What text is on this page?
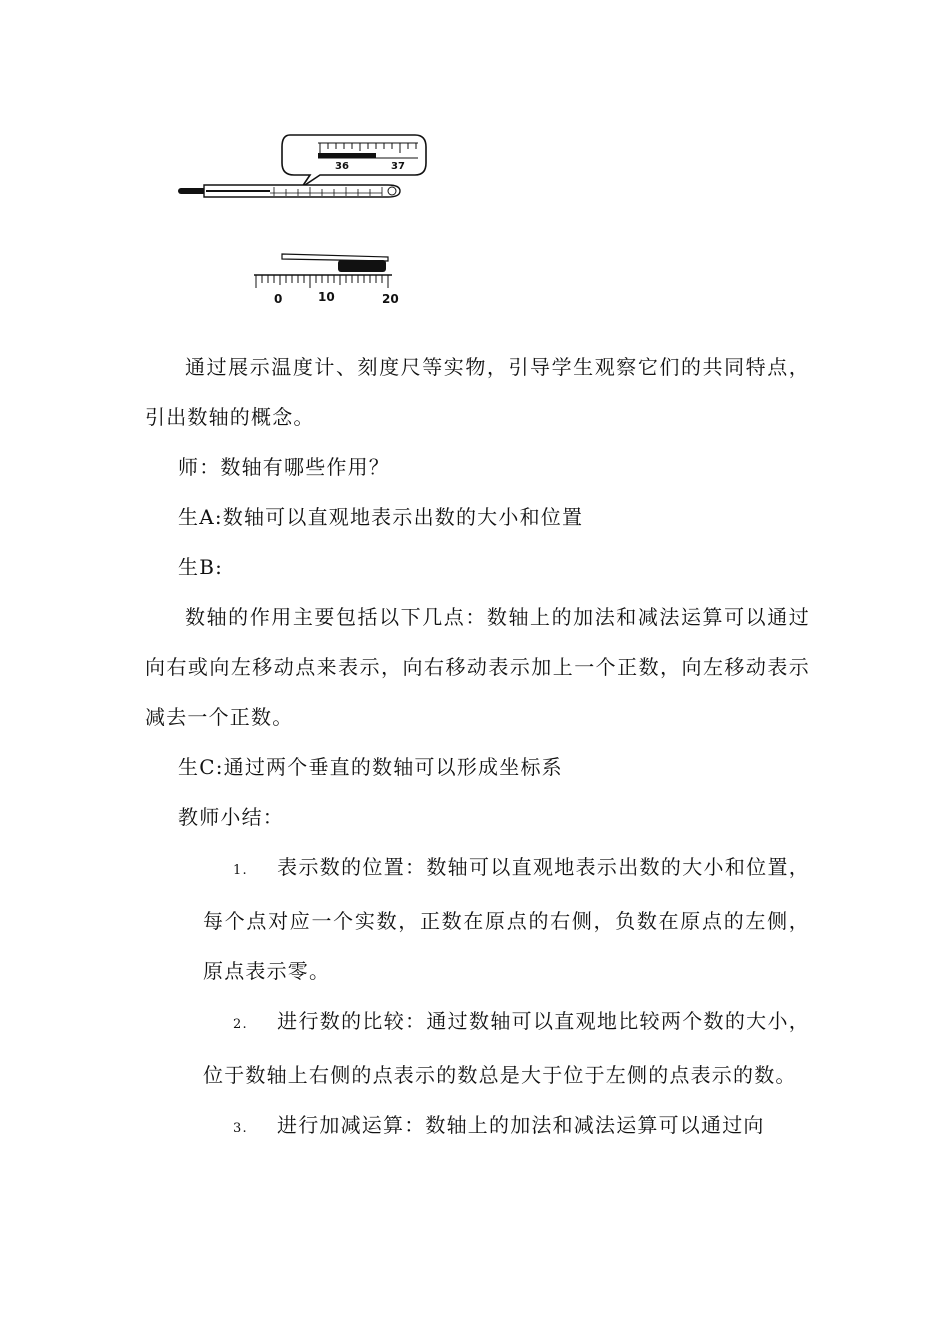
36	37
0	10	20

通过展示温度计、刻度尺等实物，引导学生观察它们的共同特点，引出数轴的概念。

师：数轴有哪些作用？

生A:数轴可以直观地表示出数的大小和位置

生B:

数轴的作用主要包括以下几点：数轴上的加法和减法运算可以通过向右或向左移动点来表示，向右移动表示加上一个正数，向左移动表示减去一个正数。

生C:通过两个垂直的数轴可以形成坐标系

教师小结：

1. 表示数的位置：数轴可以直观地表示出数的大小和位置，每个点对应一个实数，正数在原点的右侧，负数在原点的左侧，原点表示零。

2. 进行数的比较：通过数轴可以直观地比较两个数的大小，位于数轴上右侧的点表示的数总是大于位于左侧的点表示的数。

3. 进行加减运算：数轴上的加法和减法运算可以通过向
